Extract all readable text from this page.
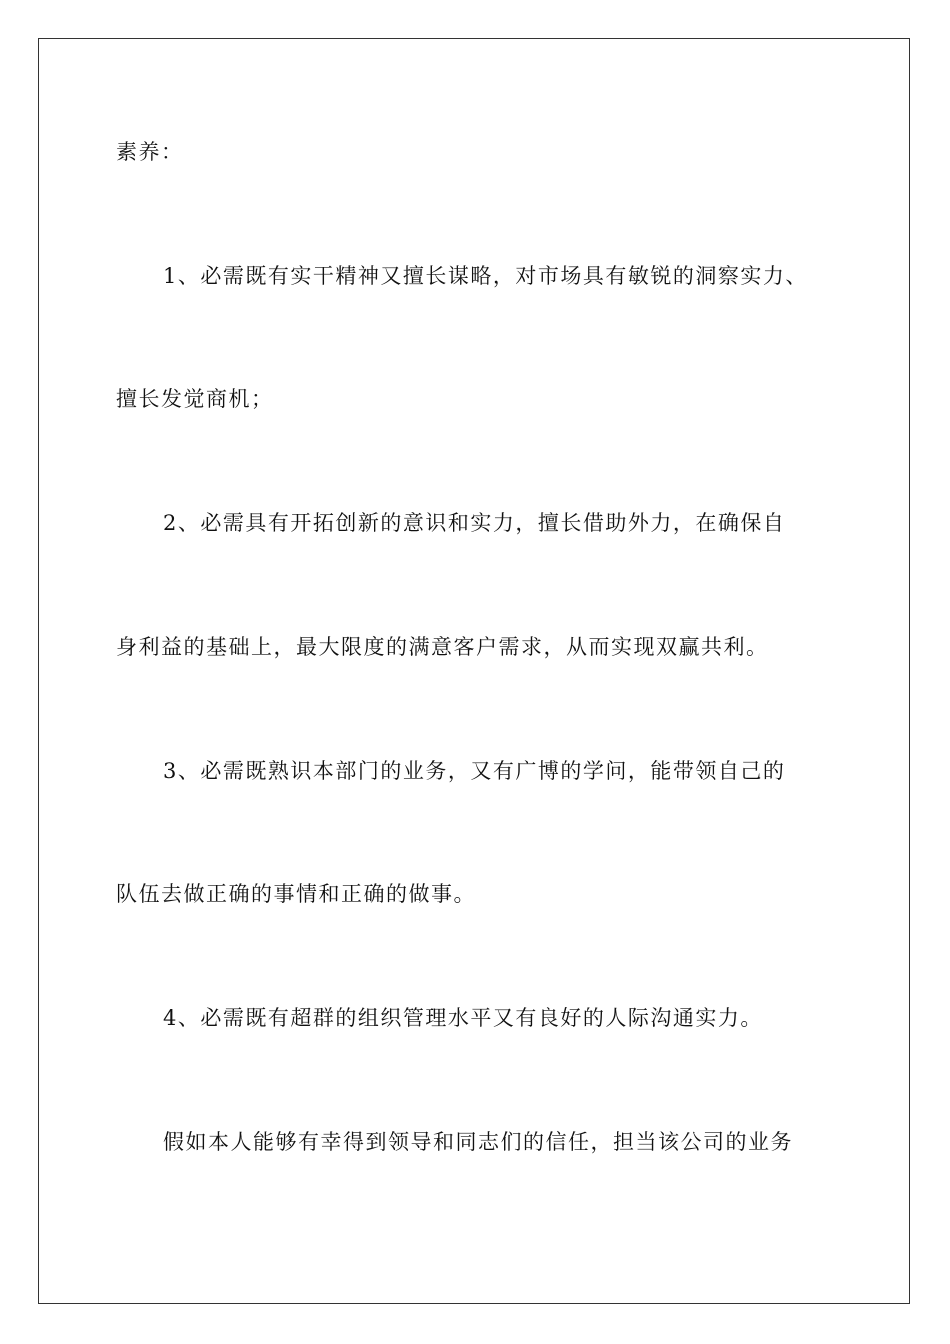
素养：
1、必需既有实干精神又擅长谋略，对市场具有敏锐的洞察实力、
擅长发觉商机；
2、必需具有开拓创新的意识和实力，擅长借助外力，在确保自
身利益的基础上，最大限度的满意客户需求，从而实现双赢共利。
3、必需既熟识本部门的业务，又有广博的学问，能带领自己的
队伍去做正确的事情和正确的做事。
4、必需既有超群的组织管理水平又有良好的人际沟通实力。
假如本人能够有幸得到领导和同志们的信任，担当该公司的业务
